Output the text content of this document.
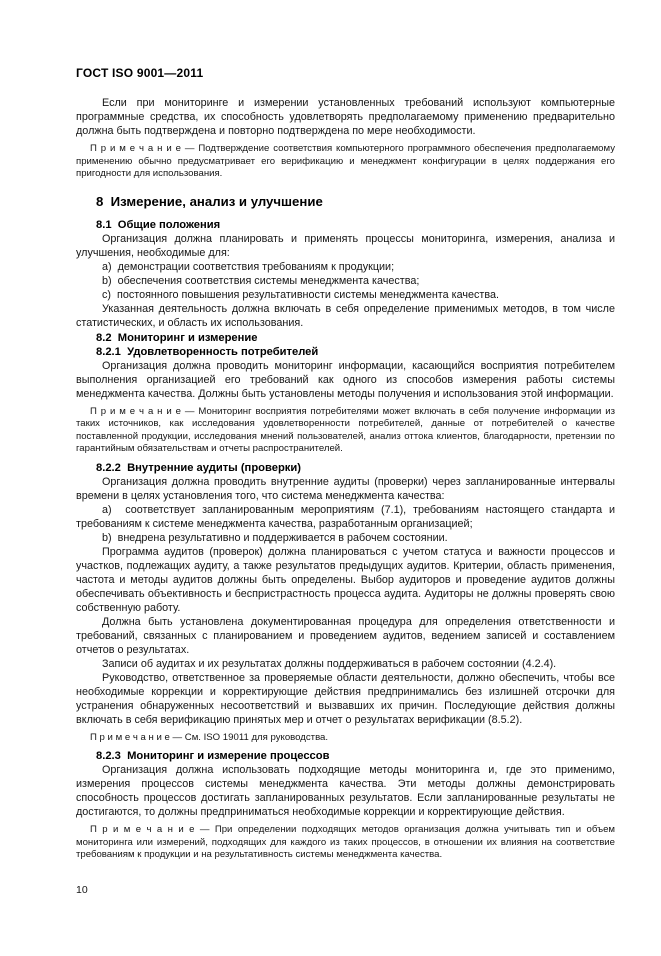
ГОСТ ISO 9001—2011

Если при мониторинге и измерении установленных требований используют компьютерные программные средства, их способность удовлетворять предполагаемому применению предварительно должна быть подтверждена и повторно подтверждена по мере необходимости.

П р и м е ч а н и е — Подтверждение соответствия компьютерного программного обеспечения предполагаемому применению обычно предусматривает его верификацию и менеджмент конфигурации в целях поддержания его пригодности для использования.

8  Измерение, анализ и улучшение
8.1  Общие положения

Организация должна планировать и применять процессы мониторинга, измерения, анализа и улучшения, необходимые для:

a)  демонстрации соответствия требованиям к продукции;

b)  обеспечения соответствия системы менеджмента качества;

c)  постоянного повышения результативности системы менеджмента качества.

Указанная деятельность должна включать в себя определение применимых методов, в том числе статистических, и область их использования.

8.2  Мониторинг и измерение
8.2.1  Удовлетворенность потребителей

Организация должна проводить мониторинг информации, касающийся восприятия потребителем выполнения организацией его требований как одного из способов измерения работы системы менеджмента качества. Должны быть установлены методы получения и использования этой информации.

П р и м е ч а н и е — Мониторинг восприятия потребителями может включать в себя получение информации из таких источников, как исследования удовлетворенности потребителей, данные от потребителей о качестве поставленной продукции, исследования мнений пользователей, анализ оттока клиентов, благодарности, претензии по гарантийным обязательствам и отчеты распространителей.

8.2.2  Внутренние аудиты (проверки)

Организация должна проводить внутренние аудиты (проверки) через запланированные интервалы времени в целях установления того, что система менеджмента качества:

a)  соответствует запланированным мероприятиям (7.1), требованиям настоящего стандарта и требованиям к системе менеджмента качества, разработанным организацией;

b)  внедрена результативно и поддерживается в рабочем состоянии.

Программа аудитов (проверок) должна планироваться с учетом статуса и важности процессов и участков, подлежащих аудиту, а также результатов предыдущих аудитов. Критерии, область применения, частота и методы аудитов должны быть определены. Выбор аудиторов и проведение аудитов должны обеспечивать объективность и беспристрастность процесса аудита. Аудиторы не должны проверять свою собственную работу.

Должна быть установлена документированная процедура для определения ответственности и требований, связанных с планированием и проведением аудитов, ведением записей и составлением отчетов о результатах.

Записи об аудитах и их результатах должны поддерживаться в рабочем состоянии (4.2.4).

Руководство, ответственное за проверяемые области деятельности, должно обеспечить, чтобы все необходимые коррекции и корректирующие действия предпринимались без излишней отсрочки для устранения обнаруженных несоответствий и вызвавших их причин. Последующие действия должны включать в себя верификацию принятых мер и отчет о результатах верификации (8.5.2).

П р и м е ч а н и е — См. ISO 19011 для руководства.

8.2.3  Мониторинг и измерение процессов

Организация должна использовать подходящие методы мониторинга и, где это применимо, измерения процессов системы менеджмента качества. Эти методы должны демонстрировать способность процессов достигать запланированных результатов. Если запланированные результаты не достигаются, то должны предприниматься необходимые коррекции и корректирующие действия.

П р и м е ч а н и е — При определении подходящих методов организация должна учитывать тип и объем мониторинга или измерений, подходящих для каждого из таких процессов, в отношении их влияния на соответствие требованиям к продукции и на результативность системы менеджмента качества.

10
